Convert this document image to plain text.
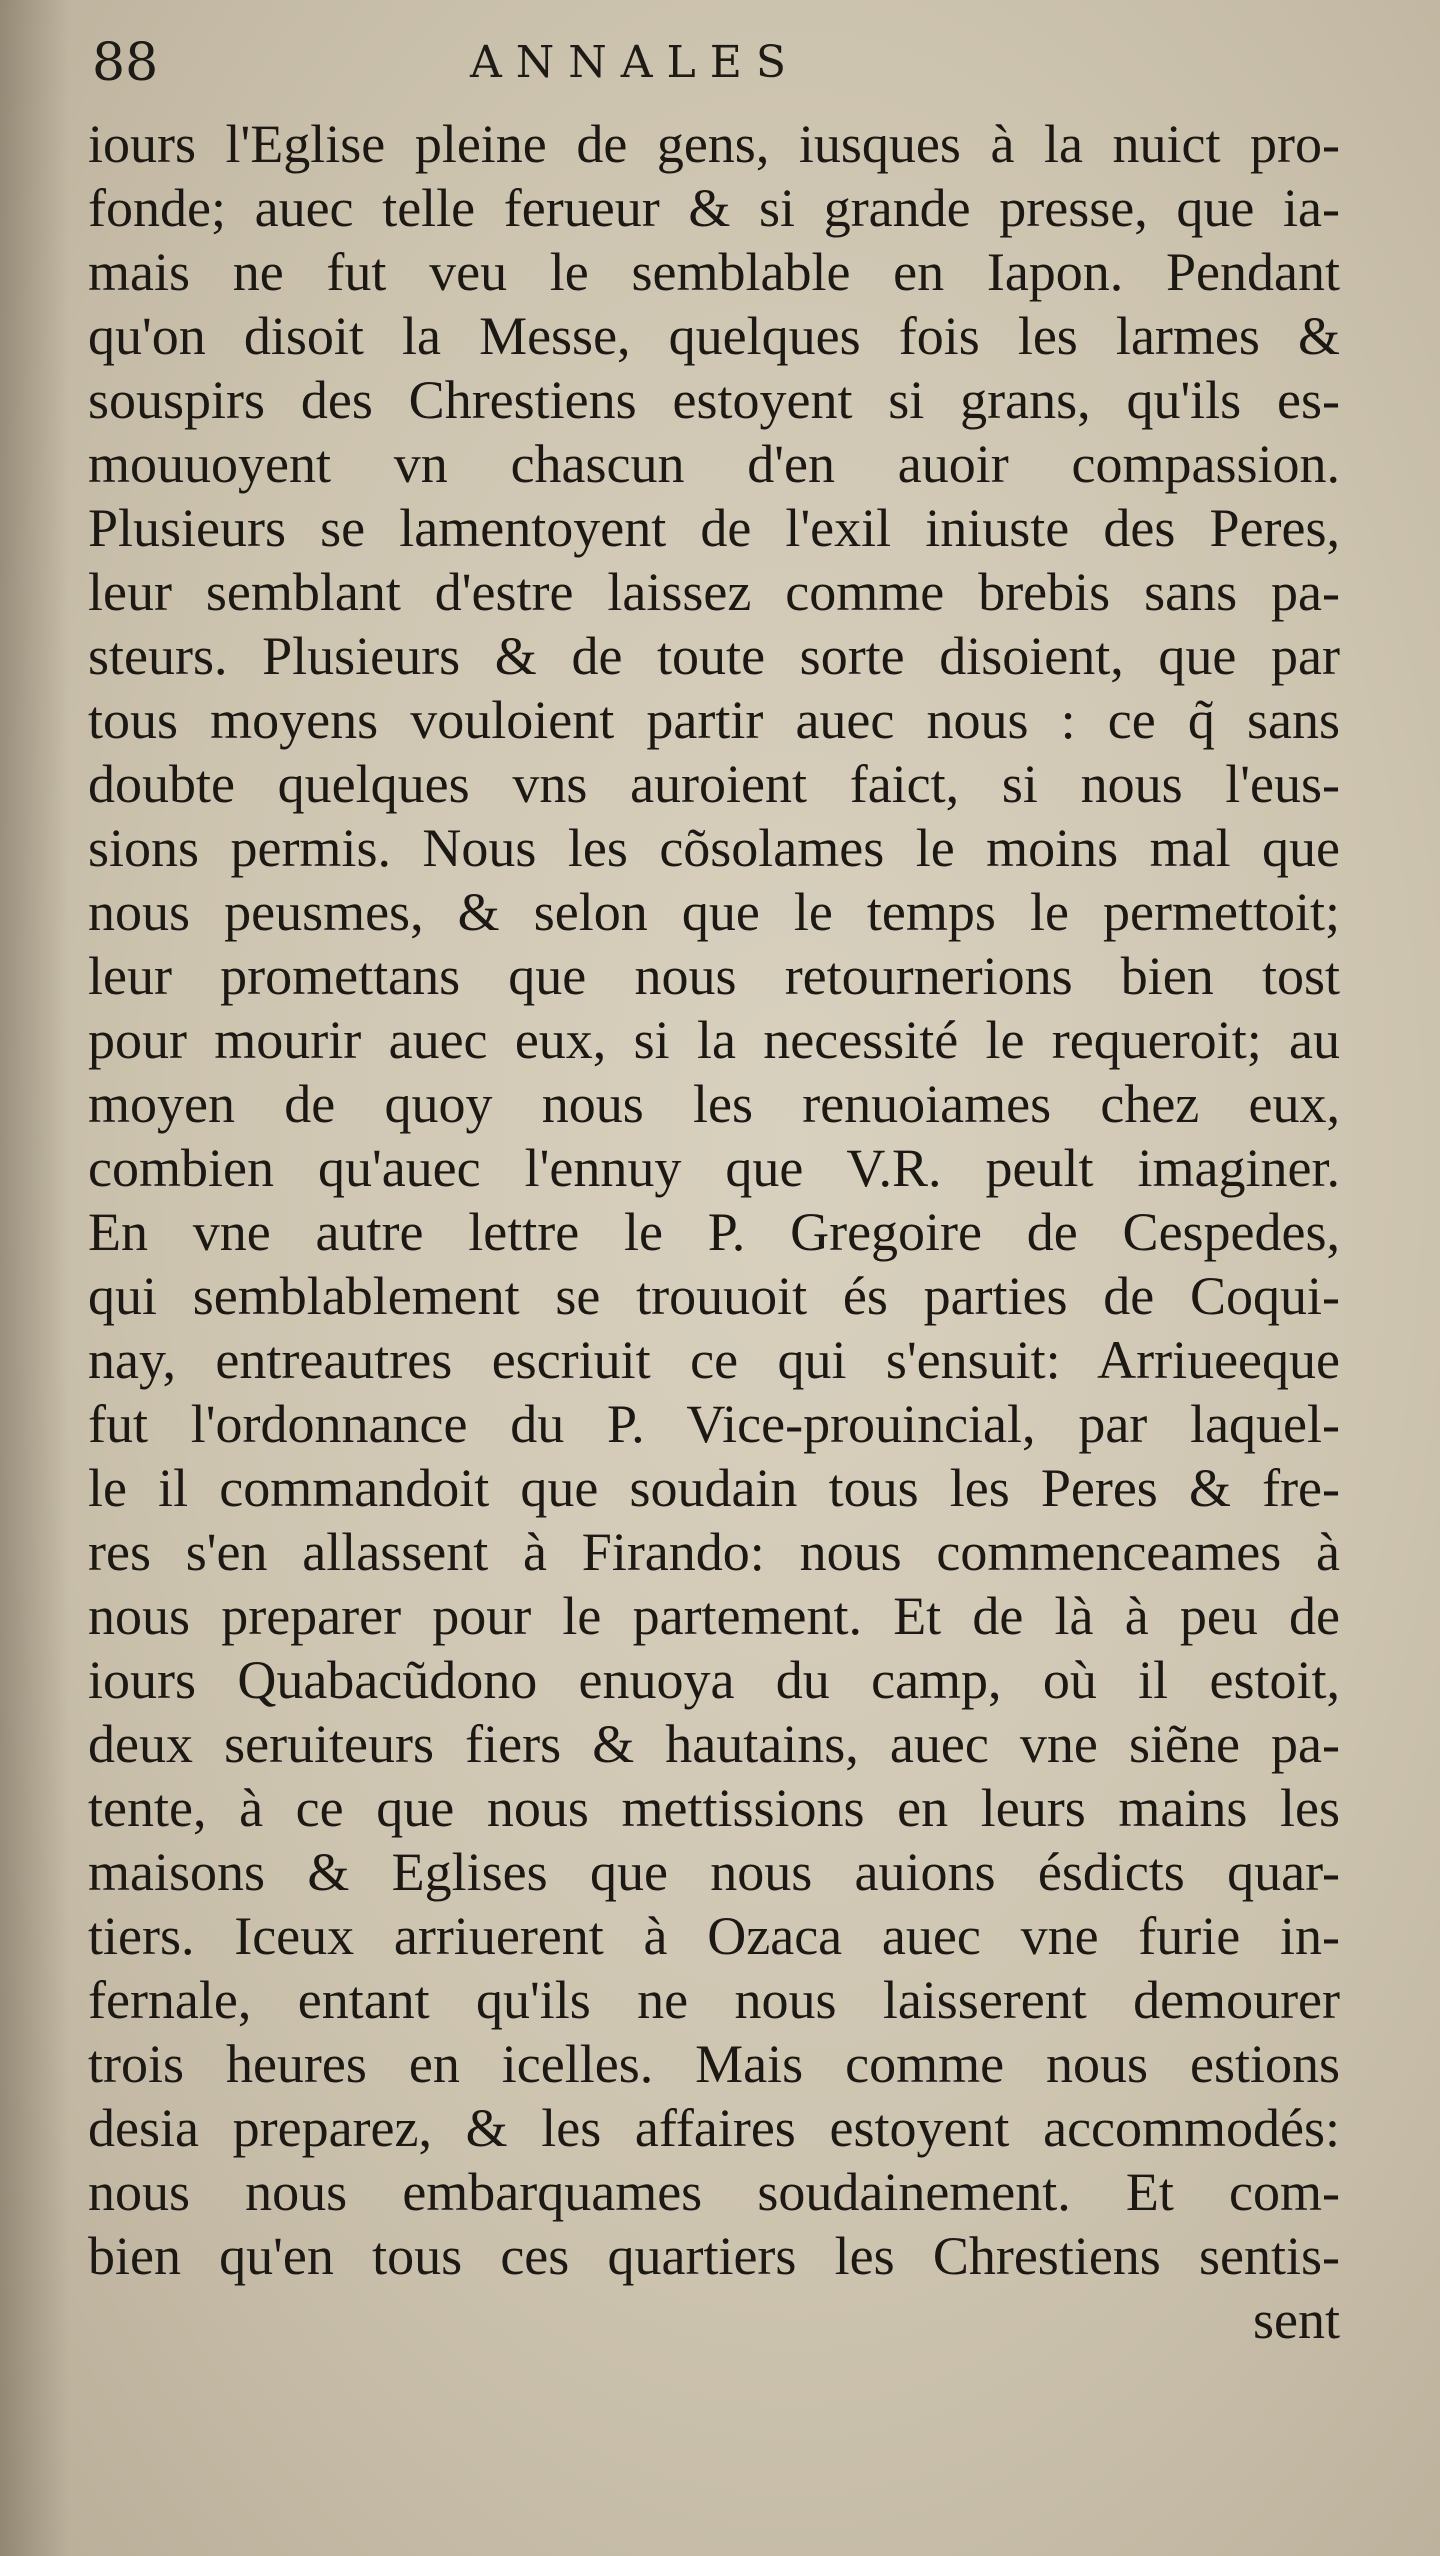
88	ANNALES
iours l'Eglise pleine de gens, iusques à la nuict pro-
fonde; auec telle ferueur & si grande presse, que ia-
mais ne fut veu le semblable en Iapon. Pendant
qu'on disoit la Messe, quelques fois les larmes &
souspirs des Chrestiens estoyent si grans, qu'ils es-
mouuoyent vn chascun d'en auoir compassion.
Plusieurs se lamentoyent de l'exil iniuste des Peres,
leur semblant d'estre laissez comme brebis sans pa-
steurs. Plusieurs & de toute sorte disoient, que par
tous moyens vouloient partir auec nous : ce q̃ sans
doubte quelques vns auroient faict, si nous l'eus-
sions permis. Nous les cõsolames le moins mal que
nous peusmes, & selon que le temps le permettoit;
leur promettans que nous retournerions bien tost
pour mourir auec eux, si la necessité le requeroit; au
moyen de quoy nous les renuoiames chez eux,
combien qu'auec l'ennuy que V.R. peult imaginer.
En vne autre lettre le P. Gregoire de Cespedes,
qui semblablement se trouuoit és parties de Coqui-
nay, entreautres escriuit ce qui s'ensuit: Arriueeque
fut l'ordonnance du P. Vice-prouincial, par laquel-
le il commandoit que soudain tous les Peres & fre-
res s'en allassent à Firando: nous commenceames à
nous preparer pour le partement. Et de là à peu de
iours Quabacũdono enuoya du camp, où il estoit,
deux seruiteurs fiers & hautains, auec vne siẽne pa-
tente, à ce que nous mettissions en leurs mains les
maisons & Eglises que nous auions ésdicts quar-
tiers. Iceux arriuerent à Ozaca auec vne furie in-
fernale, entant qu'ils ne nous laisserent demourer
trois heures en icelles. Mais comme nous estions
desia preparez, & les affaires estoyent accommodés:
nous nous embarquames soudainement. Et com-
bien qu'en tous ces quartiers les Chrestiens sentis-
sent
